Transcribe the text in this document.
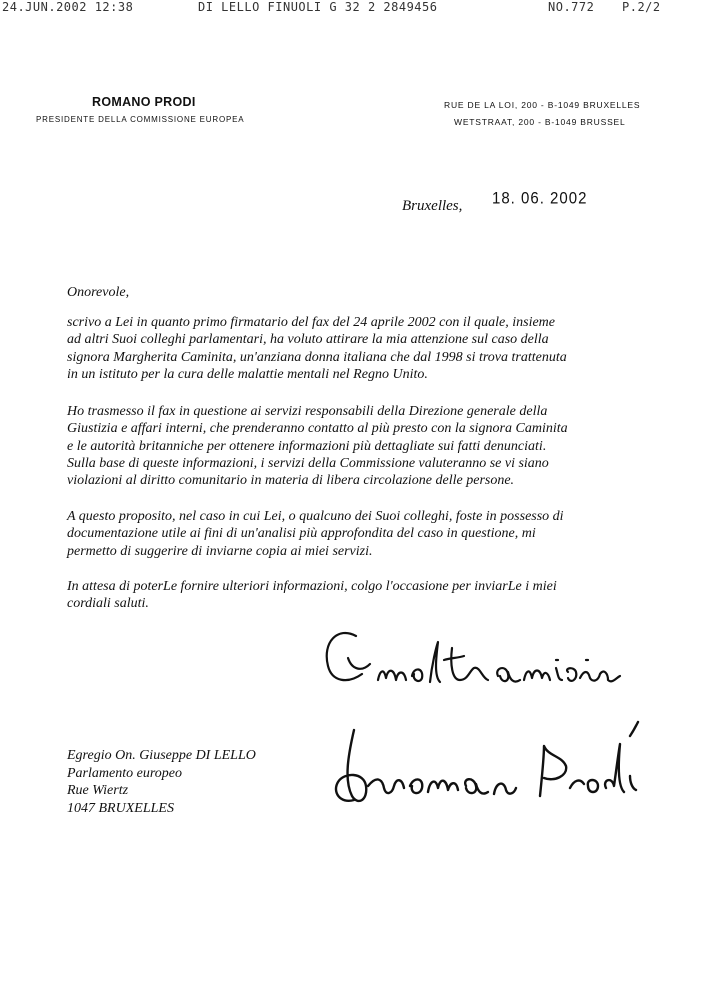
24.JUN.2002 12:38	DI LELLO FINUOLI G 32 2 2849456	NO.772 P.2/2
ROMANO PRODI
PRESIDENTE DELLA COMMISSIONE EUROPEA
RUE DE LA LOI, 200 - B-1049 BRUXELLES
WETSTRAAT, 200 - B-1049 BRUSSEL
Bruxelles, 18. 06. 2002
Onorevole,

scrivo a Lei in quanto primo firmatario del fax del 24 aprile 2002 con il quale, insieme
ad altri Suoi colleghi parlamentari, ha voluto attirare la mia attenzione sul caso della
signora Margherita Caminita, un'anziana donna italiana che dal 1998 si trova trattenuta
in un istituto per la cura delle malattie mentali nel Regno Unito.

Ho trasmesso il fax in questione ai servizi responsabili della Direzione generale della
Giustizia e affari interni, che prenderanno contatto al più presto con la signora Caminita
e le autorità britanniche per ottenere informazioni più dettagliate sui fatti denunciati.
Sulla base di queste informazioni, i servizi della Commissione valuteranno se vi siano
violazioni al diritto comunitario in materia di libera circolazione delle persone.

A questo proposito, nel caso in cui Lei, o qualcuno dei Suoi colleghi, foste in possesso di
documentazione utile ai fini di un'analisi più approfondita del caso in questione, mi
permetto di suggerire di inviarne copia ai miei servizi.

In attesa di poterLe fornire ulteriori informazioni, colgo l'occasione per inviarLe i miei
cordiali saluti.

Egregio On. Giuseppe DI LELLO
Parlamento europeo
Rue Wiertz
1047 BRUXELLES
